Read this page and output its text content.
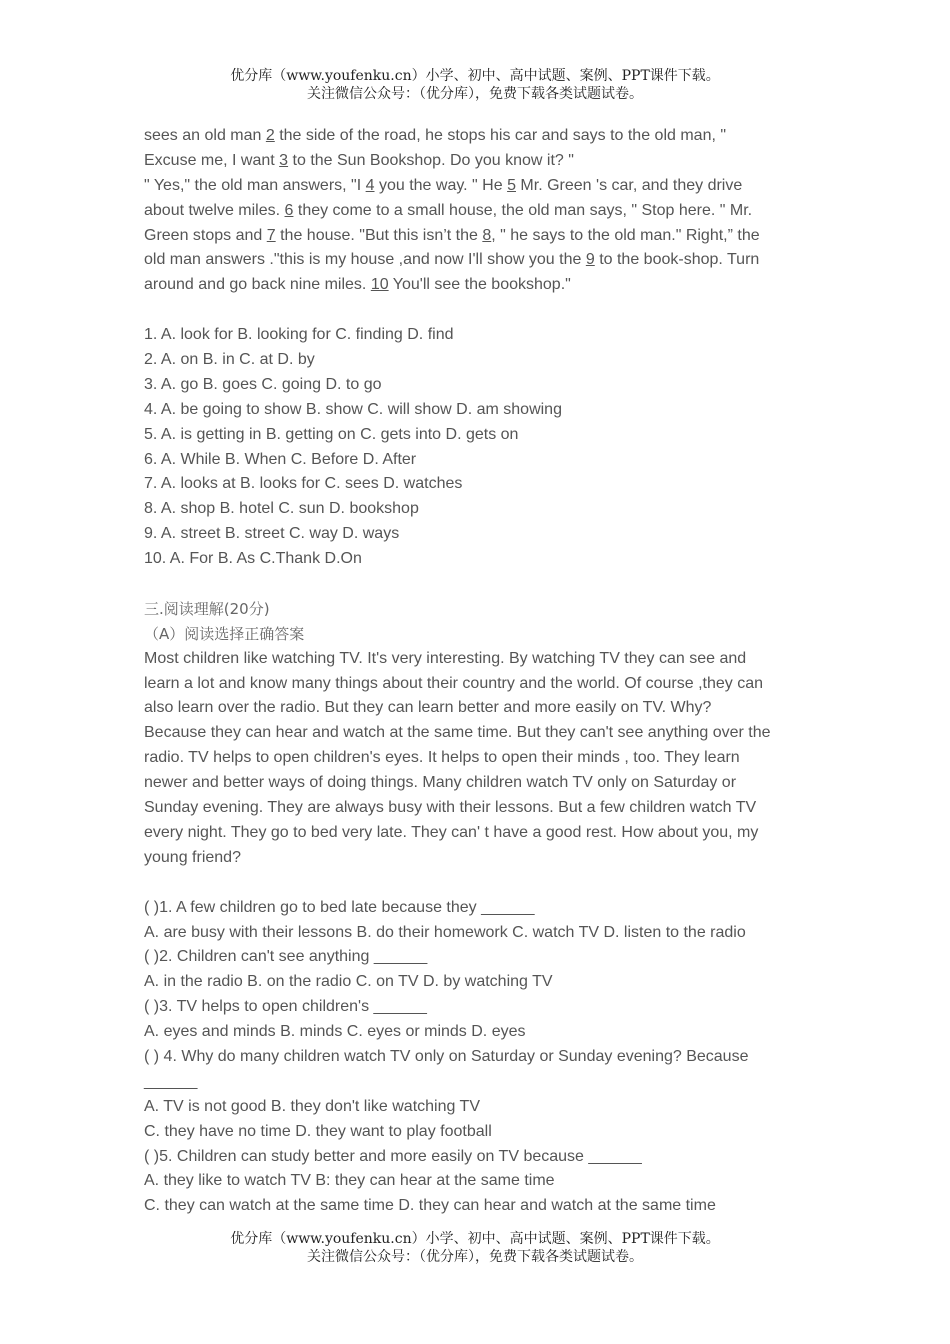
优分库（www.youfenku.cn）小学、初中、高中试题、案例、PPT课件下载。
关注微信公众号：（优分库），免费下载各类试题试卷。
sees an old man 2 the side of the road, he stops his car and says to the old man, "
Excuse me, I want 3 to the Sun Bookshop. Do you know it? "
" Yes," the old man answers, "I 4 you the way. " He 5 Mr. Green 's car, and they drive
about twelve miles. 6 they come to a small house, the old man says, " Stop here. " Mr.
Green stops and 7 the house. "But this isn’t the 8, " he says to the old man." Right,” the
old man answers ."this is my house ,and now I'll show you the 9 to the book-shop. Turn
around and go back nine miles. 10 You'll see the bookshop."
1. A. look for B. looking for C. finding D. find
2. A. on B. in C. at D. by
3. A. go B. goes C. going D. to go
4. A. be going to show B. show C. will show D. am showing
5. A. is getting in B. getting on C. gets into D. gets on
6. A. While B. When C. Before D. After
7. A. looks at B. looks for C. sees D. watches
8. A. shop B. hotel C. sun D. bookshop
9. A. street B. street C. way D. ways
10. A. For B. As C.Thank D.On
三.阅读理解(20分)
（A）阅读选择正确答案
Most children like watching TV. It's very interesting. By watching TV they can see and
learn a lot and know many things about their country and the world. Of course ,they can
also learn over the radio. But they can learn better and more easily on TV. Why?
Because they can hear and watch at the same time. But they can't see anything over the
radio. TV helps to open children's eyes. It helps to open their minds , too. They learn
newer and better ways of doing things. Many children watch TV only on Saturday or
Sunday evening. They are always busy with their lessons. But a few children watch TV
every night. They go to bed very late. They can' t have a good rest. How about you, my
young friend?
( )1. A few children go to bed late because they ______
A. are busy with their lessons B. do their homework C. watch TV D. listen to the radio
( )2. Children can't see anything ______
A. in the radio B. on the radio C. on TV D. by watching TV
( )3. TV helps to open children's ______
A. eyes and minds B. minds C. eyes or minds D. eyes
( ) 4. Why do many children watch TV only on Saturday or Sunday evening? Because
______
A. TV is not good B. they don't like watching TV
C. they have no time D. they want to play football
( )5. Children can study better and more easily on TV because ______
A. they like to watch TV B: they can hear at the same time
C. they can watch at the same time D. they can hear and watch at the same time
优分库（www.youfenku.cn）小学、初中、高中试题、案例、PPT课件下载。
关注微信公众号：（优分库），免费下载各类试题试卷。
